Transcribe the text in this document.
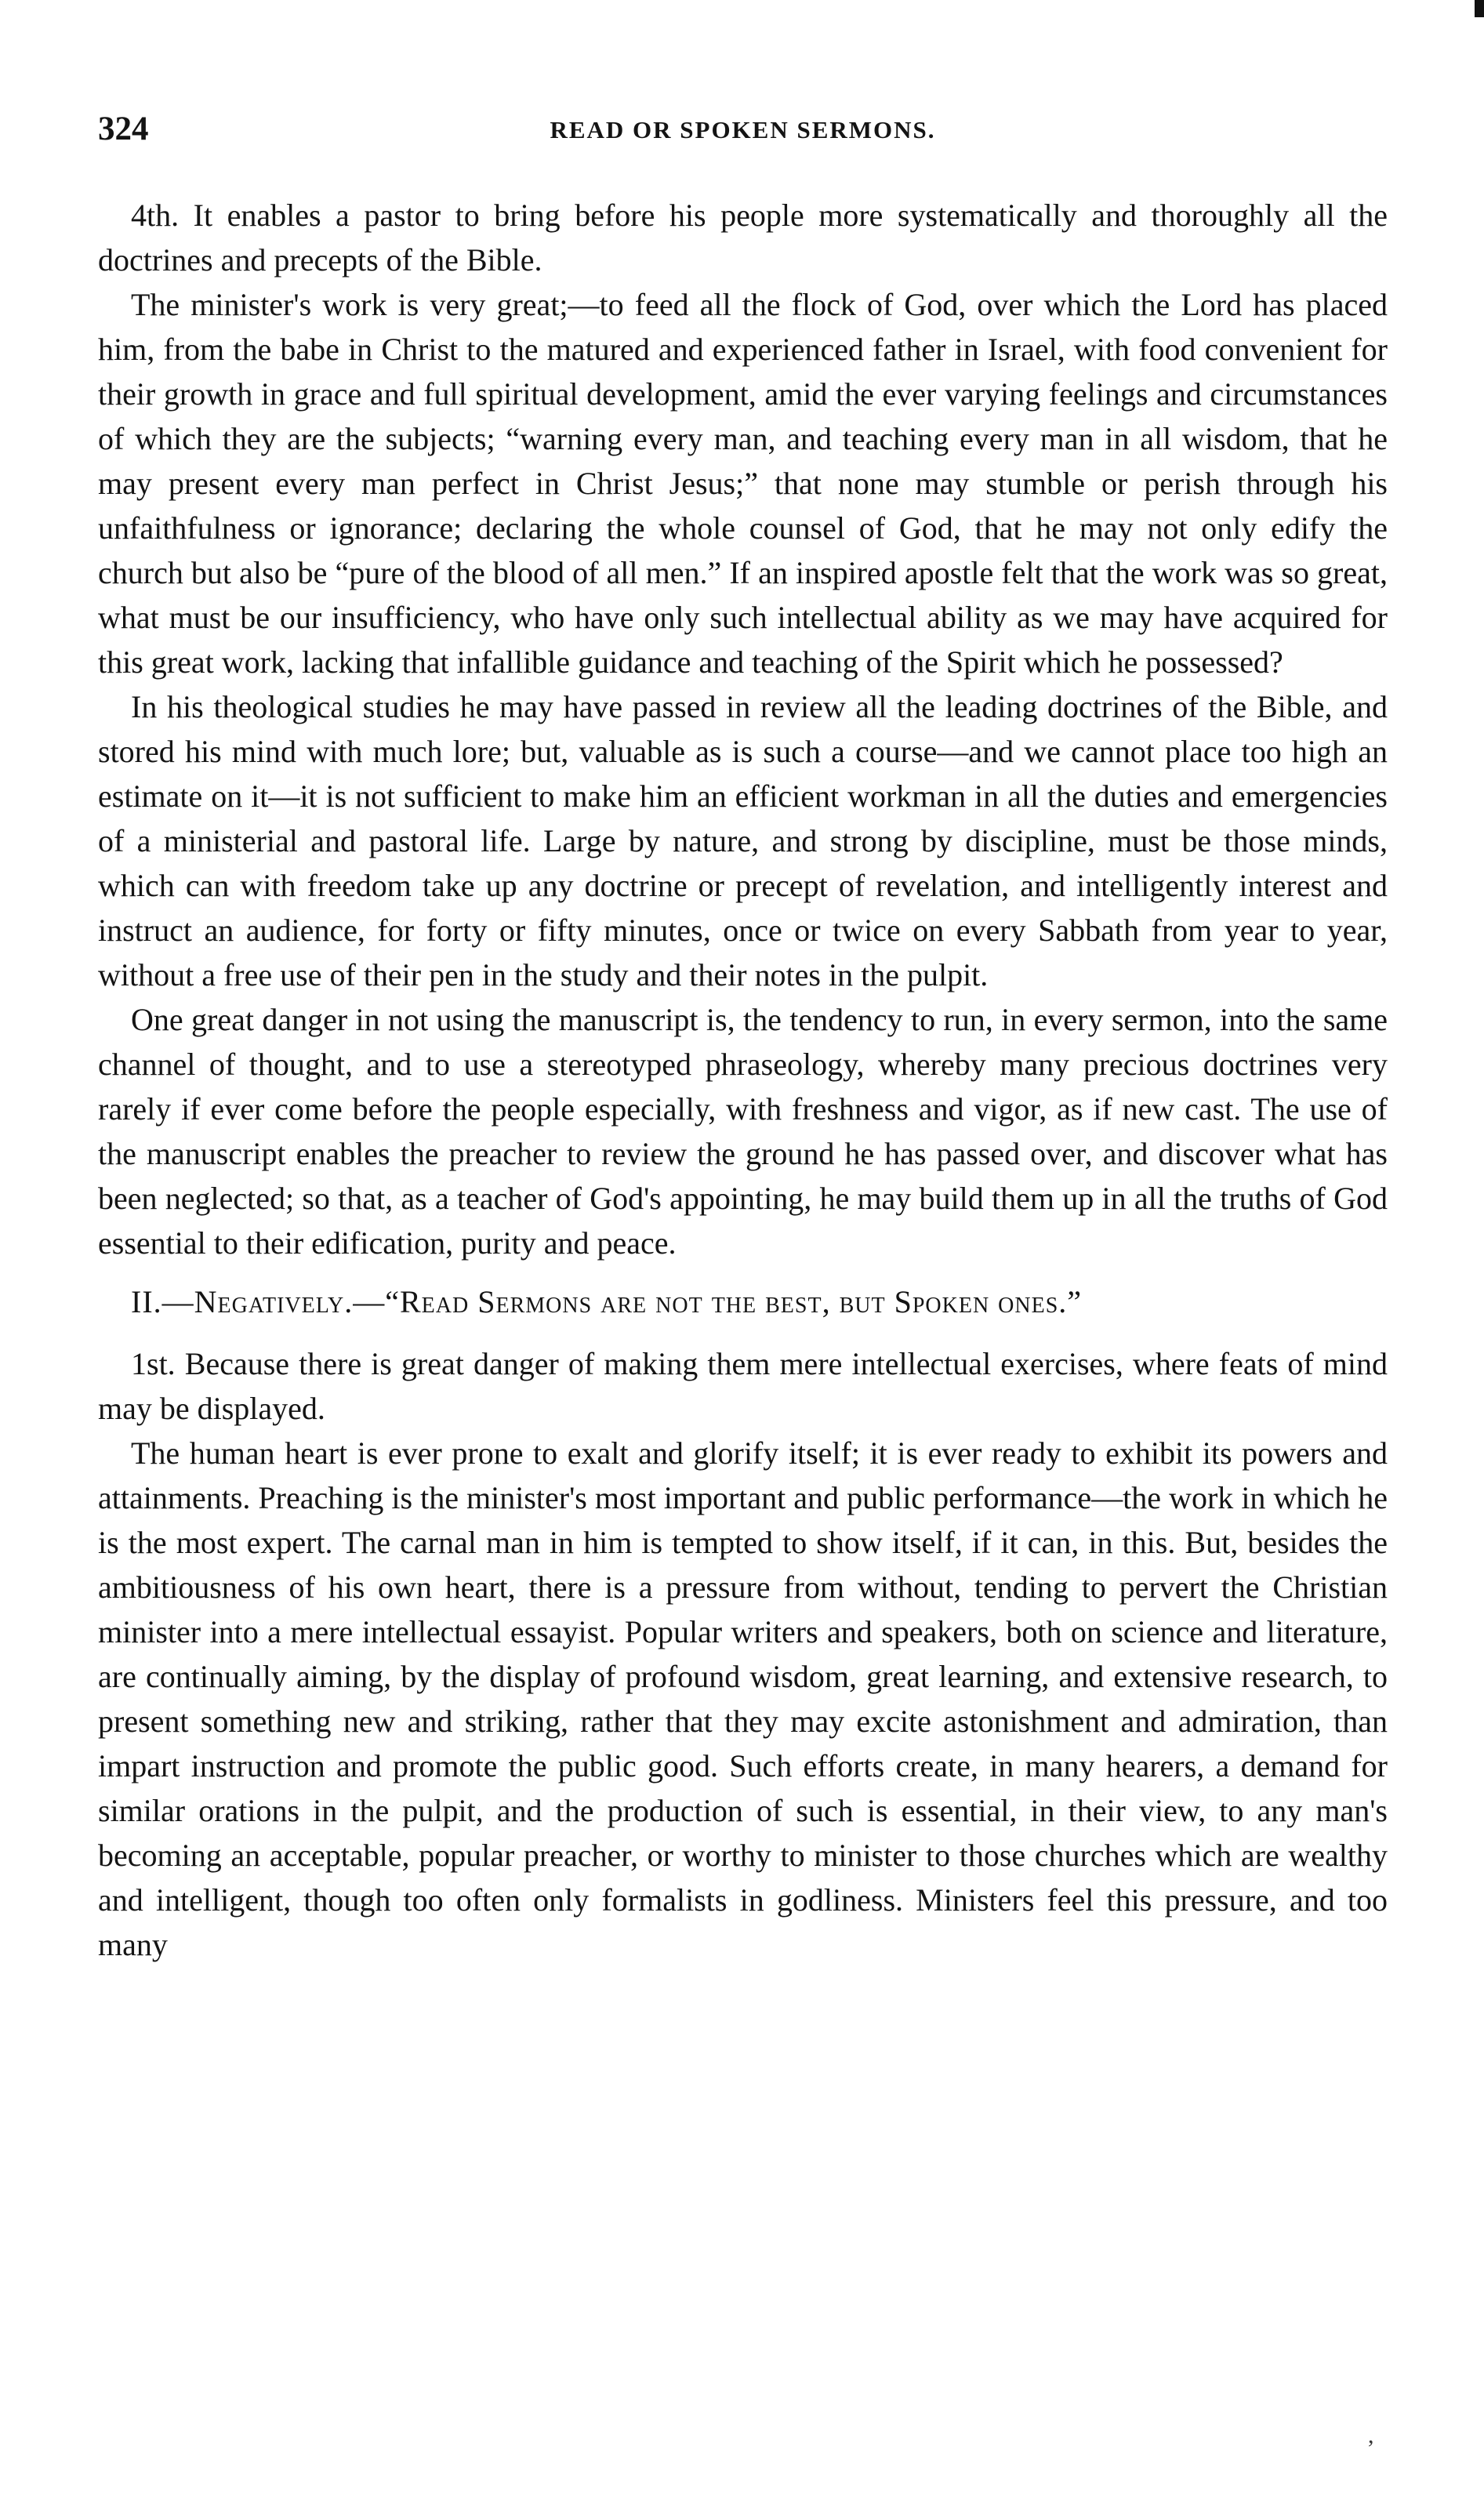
324	READ OR SPOKEN SERMONS.

4th. It enables a pastor to bring before his people more systematically and thoroughly all the doctrines and precepts of the Bible.

The minister's work is very great;—to feed all the flock of God, over which the Lord has placed him, from the babe in Christ to the matured and experienced father in Israel, with food convenient for their growth in grace and full spiritual development, amid the ever varying feelings and circumstances of which they are the subjects; “warning every man, and teaching every man in all wisdom, that he may present every man perfect in Christ Jesus;” that none may stumble or perish through his unfaithfulness or ignorance; declaring the whole counsel of God, that he may not only edify the church but also be “pure of the blood of all men.” If an inspired apostle felt that the work was so great, what must be our insufficiency, who have only such intellectual ability as we may have acquired for this great work, lacking that infallible guidance and teaching of the Spirit which he possessed?

In his theological studies he may have passed in review all the leading doctrines of the Bible, and stored his mind with much lore; but, valuable as is such a course—and we cannot place too high an estimate on it—it is not sufficient to make him an efficient workman in all the duties and emergencies of a ministerial and pastoral life. Large by nature, and strong by discipline, must be those minds, which can with freedom take up any doctrine or precept of revelation, and intelligently interest and instruct an audience, for forty or fifty minutes, once or twice on every Sabbath from year to year, without a free use of their pen in the study and their notes in the pulpit.

One great danger in not using the manuscript is, the tendency to run, in every sermon, into the same channel of thought, and to use a stereotyped phraseology, whereby many precious doctrines very rarely if ever come before the people especially, with freshness and vigor, as if new cast. The use of the manuscript enables the preacher to review the ground he has passed over, and discover what has been neglected; so that, as a teacher of God's appointing, he may build them up in all the truths of God essential to their edification, purity and peace.

II.—Negatively.—“Read Sermons are not the best, but Spoken ones.”

1st. Because there is great danger of making them mere intellectual exercises, where feats of mind may be displayed.

The human heart is ever prone to exalt and glorify itself; it is ever ready to exhibit its powers and attainments. Preaching is the minister's most important and public performance—the work in which he is the most expert. The carnal man in him is tempted to show itself, if it can, in this. But, besides the ambitiousness of his own heart, there is a pressure from without, tending to pervert the Christian minister into a mere intellectual essayist. Popular writers and speakers, both on science and literature, are continually aiming, by the display of profound wisdom, great learning, and extensive research, to present something new and striking, rather that they may excite astonishment and admiration, than impart instruction and promote the public good. Such efforts create, in many hearers, a demand for similar orations in the pulpit, and the production of such is essential, in their view, to any man's becoming an acceptable, popular preacher, or worthy to minister to those churches which are wealthy and intelligent, though too often only formalists in godliness. Ministers feel this pressure, and too many

,
